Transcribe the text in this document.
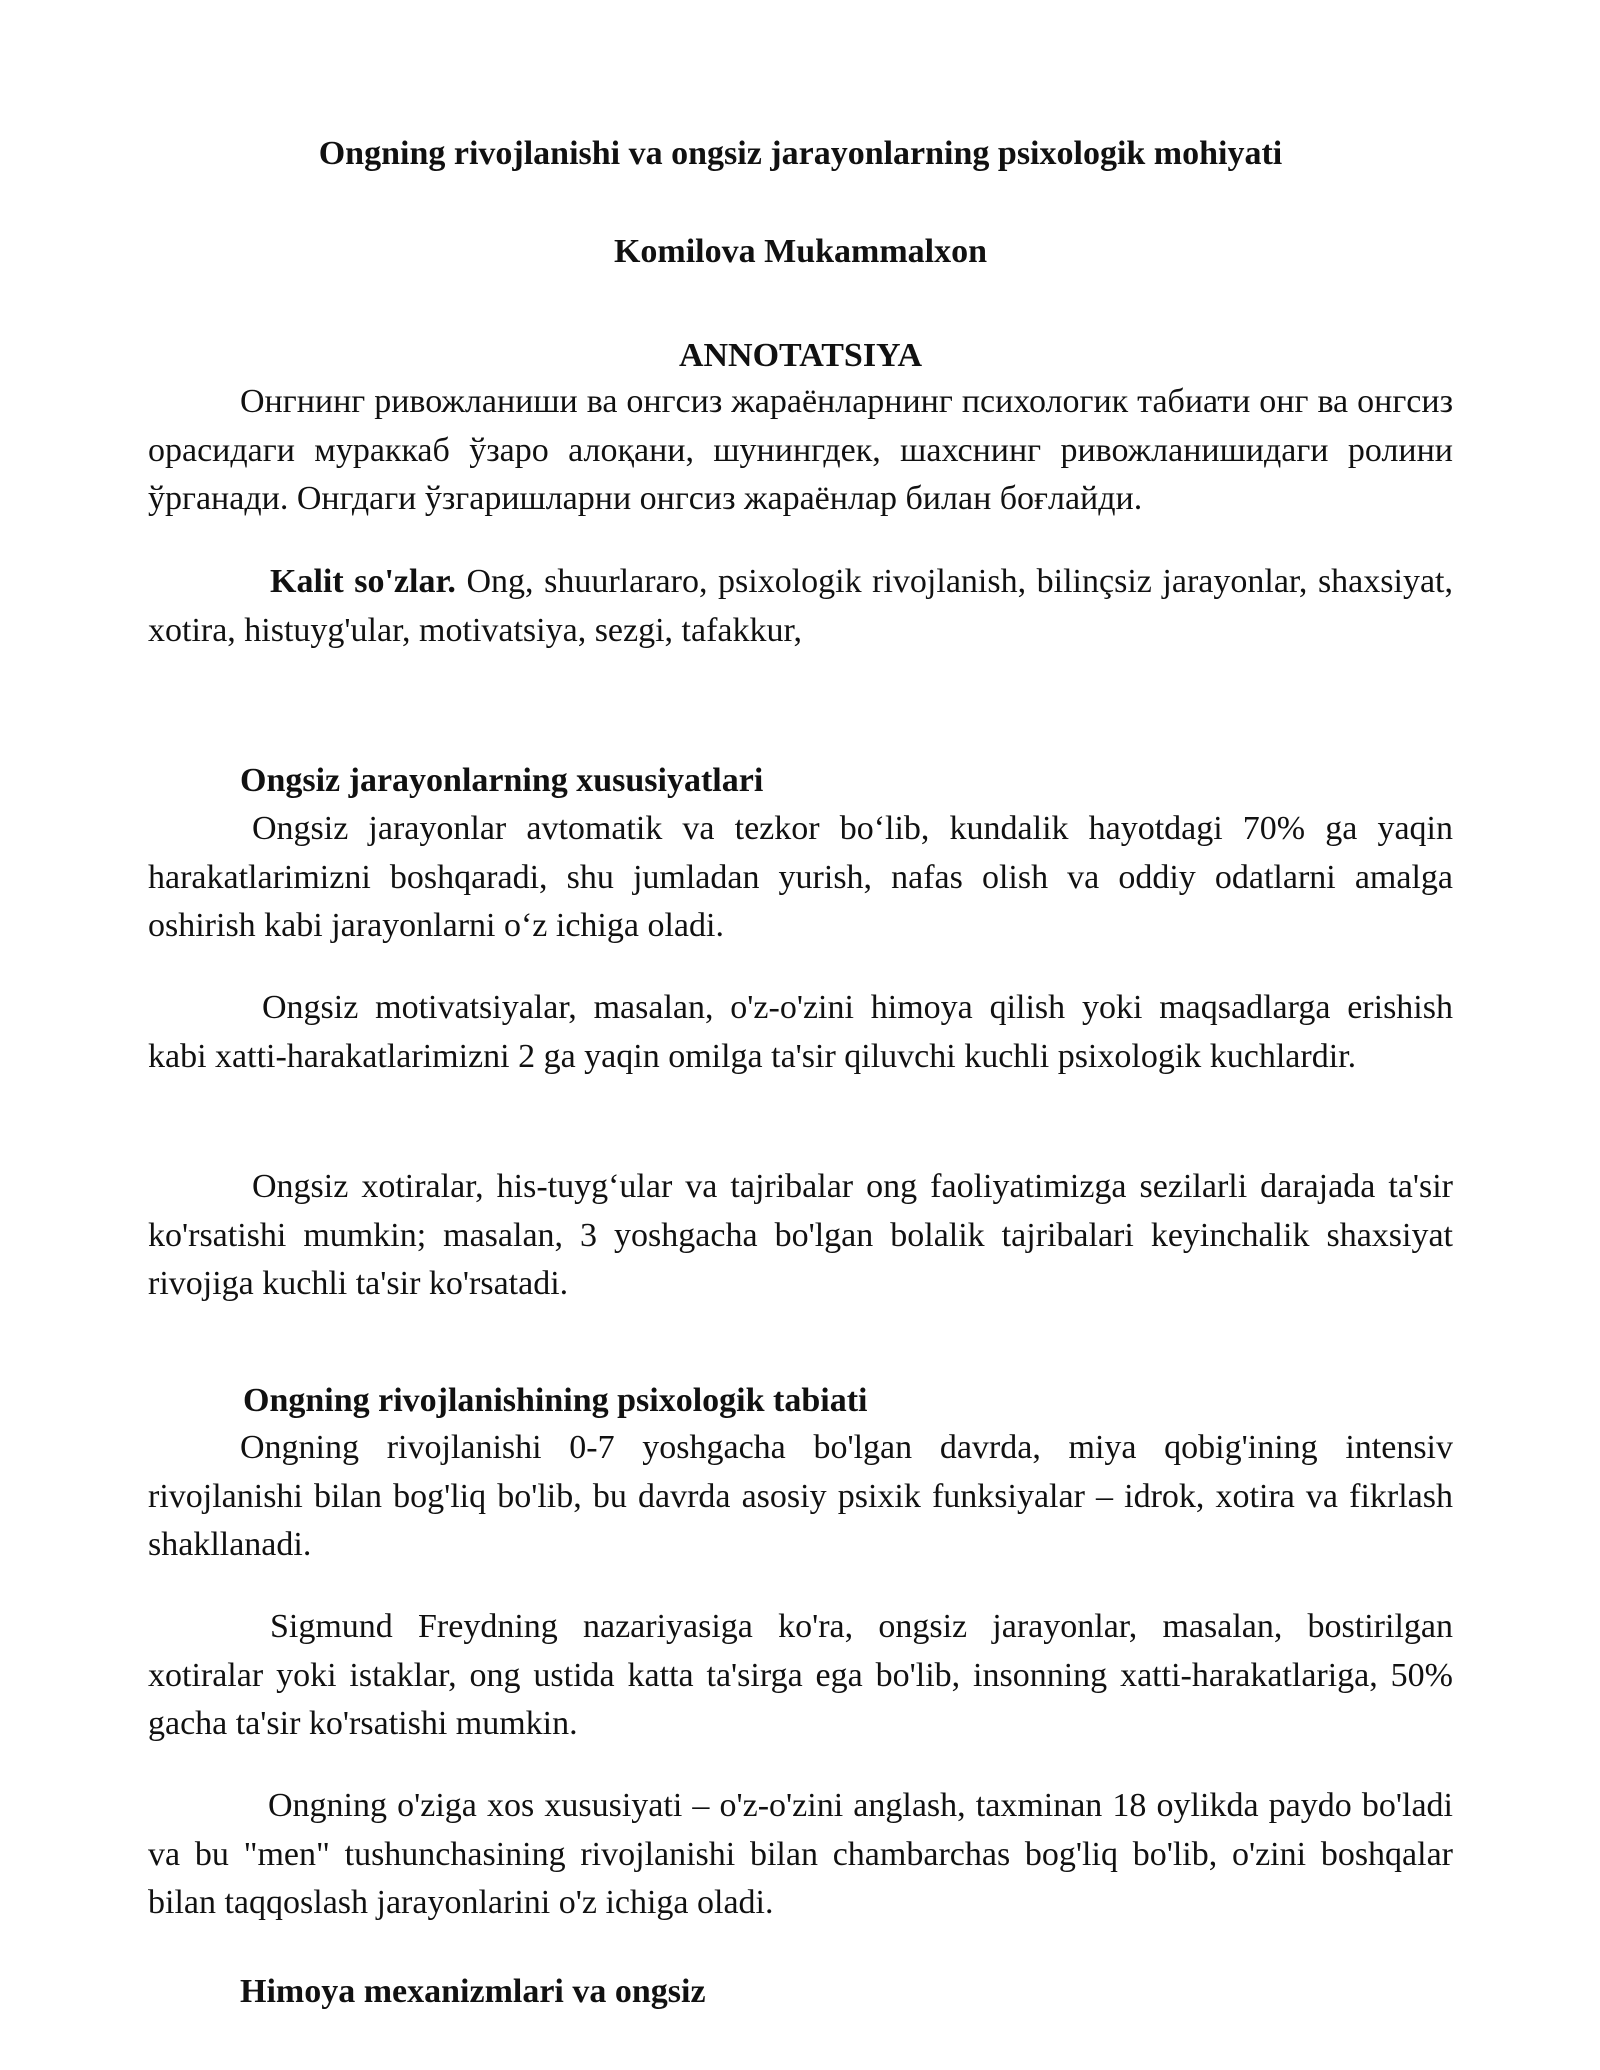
Ongning rivojlanishi va ongsiz jarayonlarning psixologik mohiyati
Komilova Mukammalxon
ANNOTATSIYA

Онгнинг ривожланиши ва онгсиз жараёнларнинг психологик табиати онг ва онгсиз орасидаги мураккаб ўзаро алоқани, шунингдек, шахснинг ривожланишидаги ролини ўрганади. Онгдаги ўзгаришларни онгсиз жараёнлар билан боғлайди.

Kalit so'zlar. Ong, shuurlararo, psixologik rivojlanish, bilinçsiz jarayonlar, shaxsiyat, xotira, histuyg'ular, motivatsiya, sezgi, tafakkur,

Ongsiz jarayonlarning xususiyatlari

Ongsiz jarayonlar avtomatik va tezkor bo‘lib, kundalik hayotdagi 70% ga yaqin harakatlarimizni boshqaradi, shu jumladan yurish, nafas olish va oddiy odatlarni amalga oshirish kabi jarayonlarni o‘z ichiga oladi.

Ongsiz motivatsiyalar, masalan, o'z-o'zini himoya qilish yoki maqsadlarga erishish kabi xatti-harakatlarimizni 2 ga yaqin omilga ta'sir qiluvchi kuchli psixologik kuchlardir.

Ongsiz xotiralar, his-tuyg‘ular va tajribalar ong faoliyatimizga sezilarli darajada ta'sir ko'rsatishi mumkin; masalan, 3 yoshgacha bo'lgan bolalik tajribalari keyinchalik shaxsiyat rivojiga kuchli ta'sir ko'rsatadi.

Ongning rivojlanishining psixologik tabiati

Ongning rivojlanishi 0-7 yoshgacha bo'lgan davrda, miya qobig'ining intensiv rivojlanishi bilan bog'liq bo'lib, bu davrda asosiy psixik funksiyalar – idrok, xotira va fikrlash shakllanadi.

Sigmund Freydning nazariyasiga ko'ra, ongsiz jarayonlar, masalan, bostirilgan xotiralar yoki istaklar, ong ustida katta ta'sirga ega bo'lib, insonning xatti-harakatlariga, 50% gacha ta'sir ko'rsatishi mumkin.

Ongning o'ziga xos xususiyati – o'z-o'zini anglash, taxminan 18 oylikda paydo bo'ladi va bu "men" tushunchasining rivojlanishi bilan chambarchas bog'liq bo'lib, o'zini boshqalar bilan taqqoslash jarayonlarini o'z ichiga oladi.

Himoya mexanizmlari va ongsiz
